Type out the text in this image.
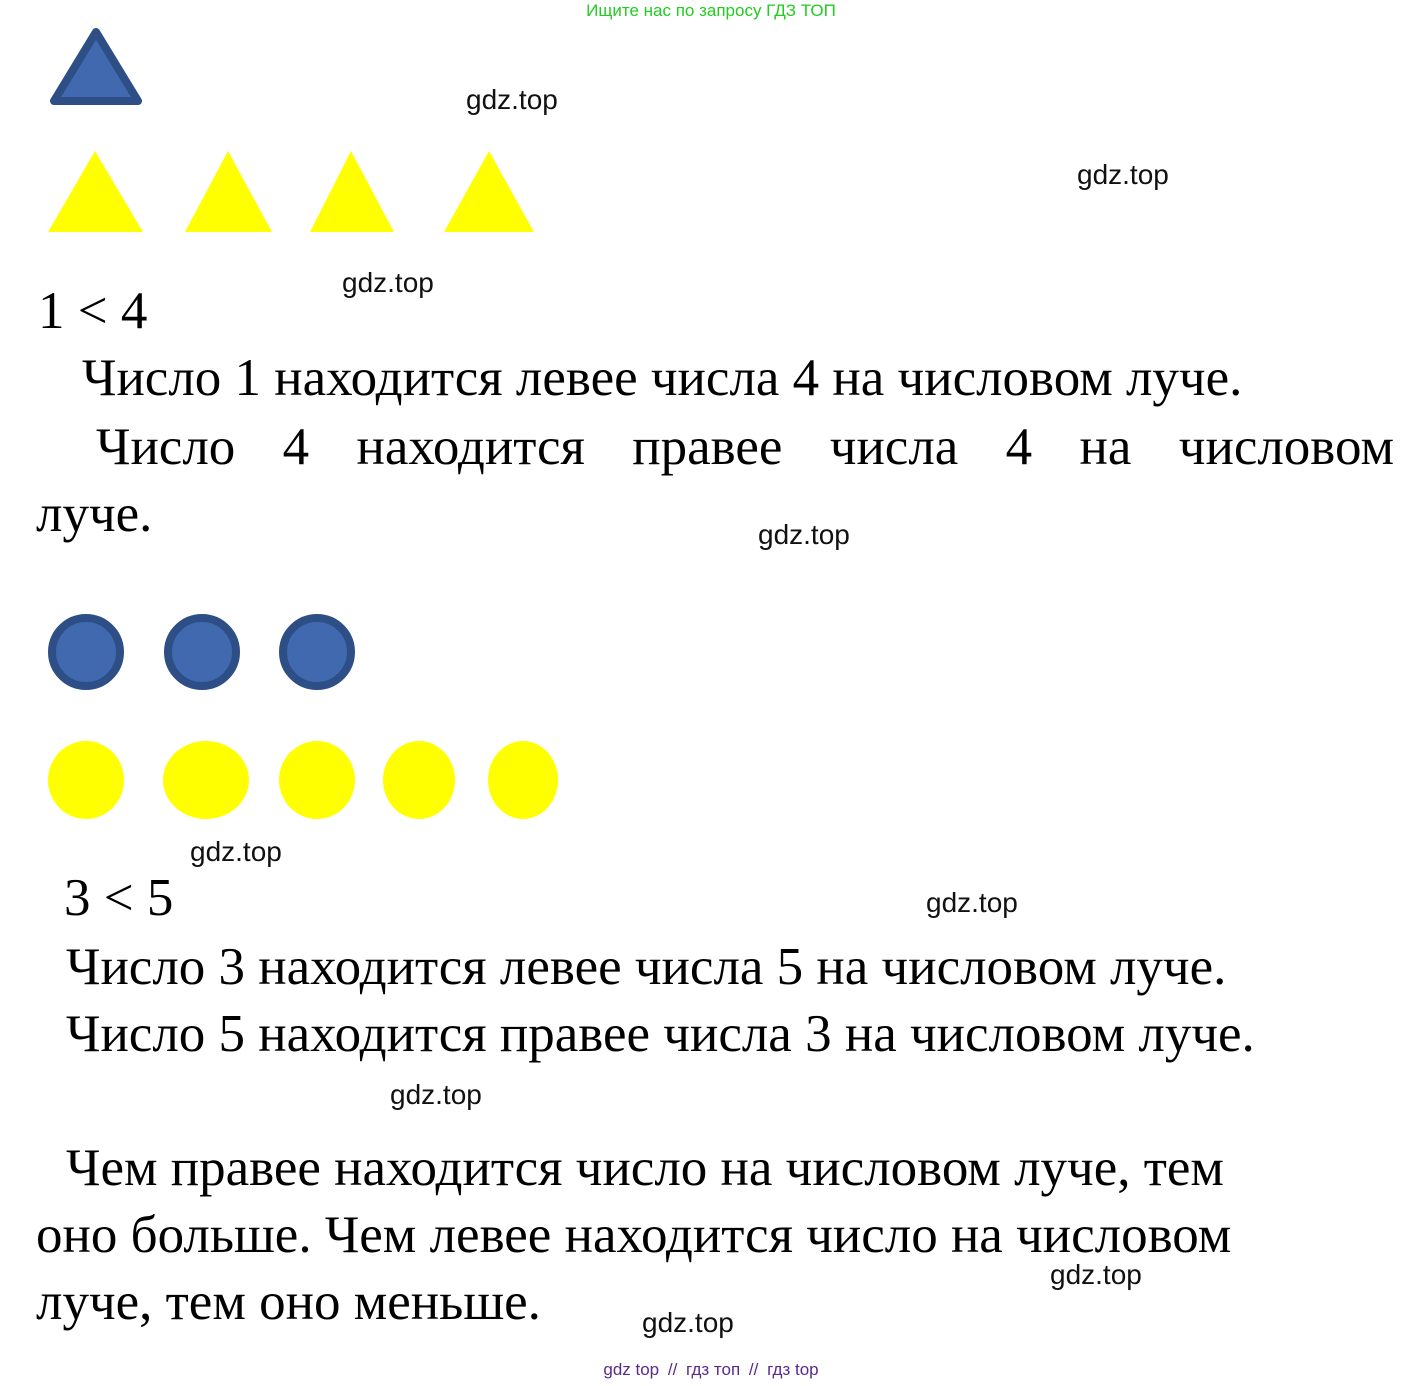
Ищите нас по запросу ГДЗ ТОП
gdz.top
gdz.top
gdz.top
gdz.top
gdz.top
gdz.top
gdz.top
gdz.top
gdz.top
1 < 4
Число 1 находится левее числа 4 на числовом луче.
Число 4 находится правее числа 4 на числовом
луче.
3 < 5
Число 3 находится левее числа 5 на числовом луче.
Число 5 находится правее числа 3 на числовом луче.
Чем правее находится число на числовом луче, тем
оно больше. Чем левее находится число на числовом
луче, тем оно меньше.
gdz top // гдз топ // гдз top
